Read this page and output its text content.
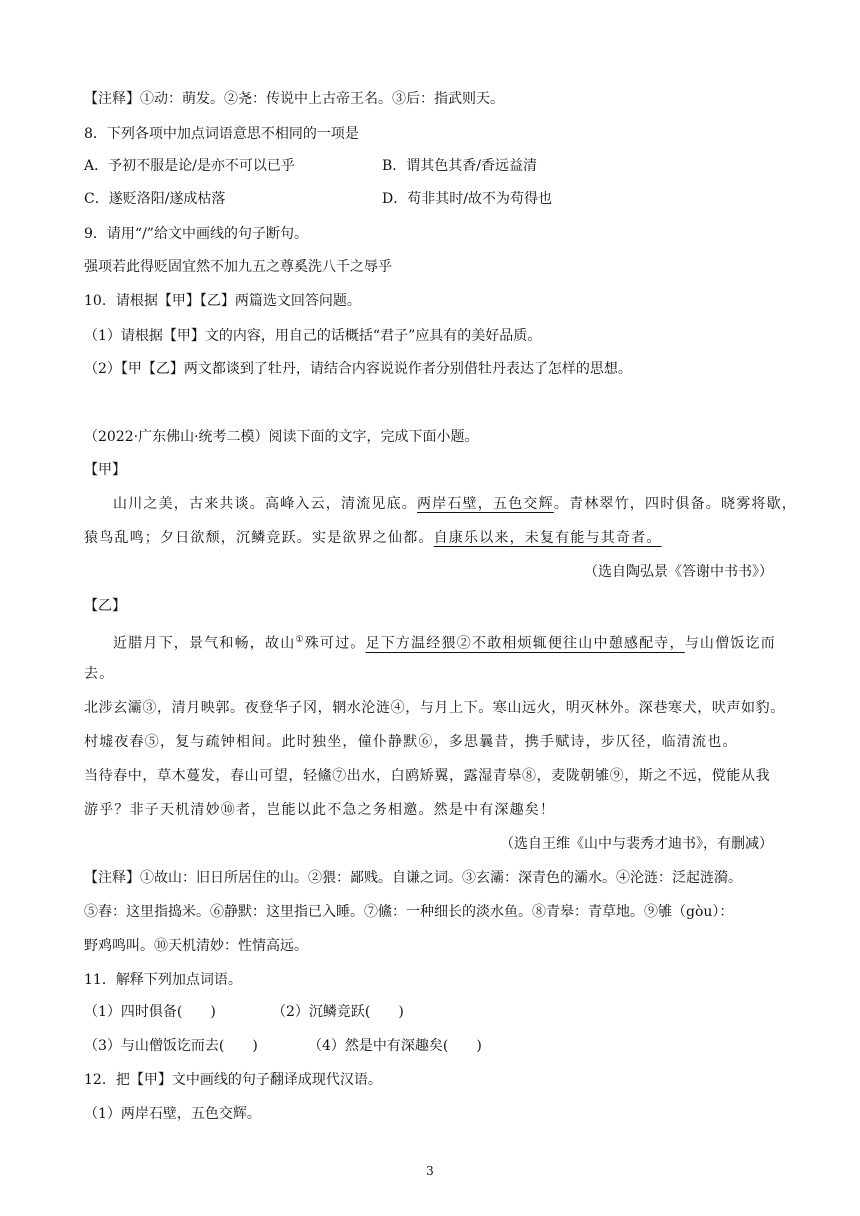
【注释】①动：萌发。②尧：传说中上古帝王名。③后：指武则天。
8．下列各项中加点词语意思不相同的一项是
A．予初不服是论/是亦不可以已乎	B．谓其色其香/香远益清
C．遂贬洛阳/遂成枯落	D．苟非其时/故不为苟得也
9．请用“/”给文中画线的句子断句。
强项若此得贬固宜然不加九五之尊奚洗八千之辱乎
10．请根据【甲】【乙】两篇选文回答问题。
（1）请根据【甲】文的内容，用自己的话概括“君子”应具有的美好品质。
（2）【甲【乙】两文都谈到了牡丹，请结合内容说说作者分别借牡丹表达了怎样的思想。
（2022·广东佛山·统考二模）阅读下面的文字，完成下面小题。
【甲】
山川之美，古来共谈。高峰入云，清流见底。两岸石壁，五色交辉。青林翠竹，四时俱备。晓雾将歇，
猿鸟乱鸣；夕日欲颓，沉鳞竞跃。实是欲界之仙都。自康乐以来，未复有能与其奇者。
（选自陶弘景《答谢中书书》）
【乙】
近腊月下，景气和畅，故山①殊可过。足下方温经猥②不敢相烦辄便往山中憩感配寺，与山僧饭讫而
去。
北涉玄灞③，清月映郭。夜登华子冈，辋水沦涟④，与月上下。寒山远火，明灭林外。深巷寒犬，吠声如豹。
村墟夜舂⑤，复与疏钟相间。此时独坐，僮仆静默⑥，多思曩昔，携手赋诗，步仄径，临清流也。
当待春中，草木蔓发，春山可望，轻鯈⑦出水，白鸥矫翼，露湿青皋⑧，麦陇朝雊⑨，斯之不远，傥能从我
游乎？非子天机清妙⑩者，岂能以此不急之务相邀。然是中有深趣矣！
（选自王维《山中与裴秀才迪书》，有删减）
【注释】①故山：旧日所居住的山。②猥：鄙贱。自谦之词。③玄灞：深青色的灞水。④沦涟：泛起涟漪。
⑤舂：这里指捣米。⑥静默：这里指已入睡。⑦鯈：一种细长的淡水鱼。⑧青皋：青草地。⑨雊（gòu）：
野鸡鸣叫。⑩天机清妙：性情高远。
11．解释下列加点词语。
（1）四时俱备(　　)	（2）沉鳞竞跃(　　)
（3）与山僧饭讫而去(　　)	（4）然是中有深趣矣(　　)
12．把【甲】文中画线的句子翻译成现代汉语。
（1）两岸石壁，五色交辉。
3
